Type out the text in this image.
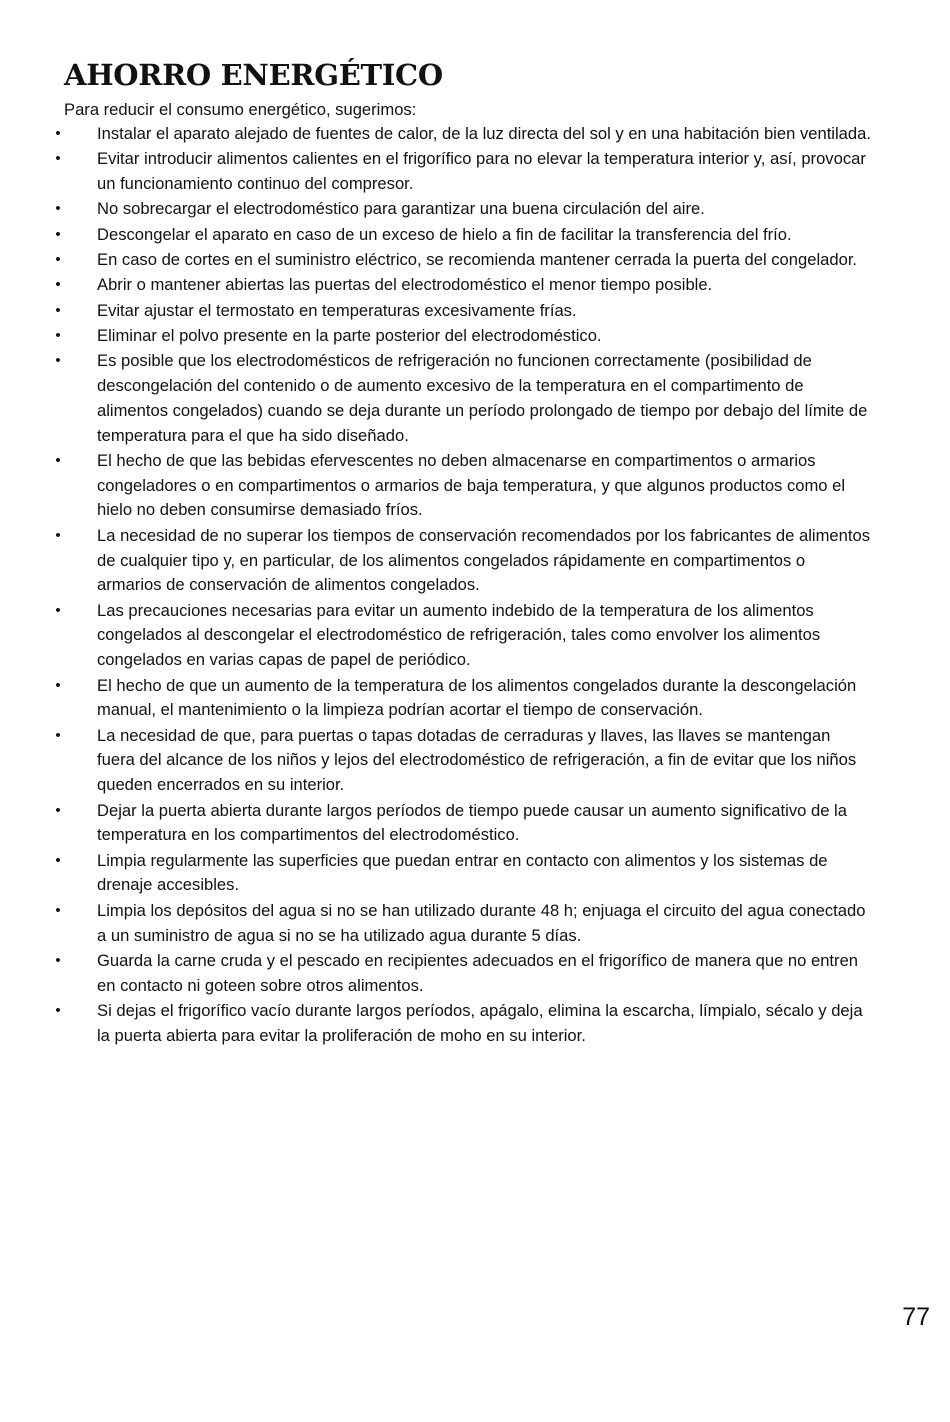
AHORRO ENERGÉTICO
Para reducir el consumo energético, sugerimos:
•	Instalar el aparato alejado de fuentes de calor, de la luz directa del sol y en una habitación bien ventilada.
•	Evitar introducir alimentos calientes en el frigorífico para no elevar la temperatura interior y, así, provocar un funcionamiento continuo del compresor.
•	No sobrecargar el electrodoméstico para garantizar una buena circulación del aire.
•	Descongelar el aparato en caso de un exceso de hielo a fin de facilitar la transferencia del frío.
•	En caso de cortes en el suministro eléctrico, se recomienda mantener cerrada la puerta del congelador.
•	Abrir o mantener abiertas las puertas del electrodoméstico el menor tiempo posible.
•	Evitar ajustar el termostato en temperaturas excesivamente frías.
•	Eliminar el polvo presente en la parte posterior del electrodoméstico.
•	Es posible que los electrodomésticos de refrigeración no funcionen correctamente (posibilidad de descongelación del contenido o de aumento excesivo de la temperatura en el compartimento de alimentos congelados) cuando se deja durante un período prolongado de tiempo por debajo del límite de temperatura para el que ha sido diseñado.
•	El hecho de que las bebidas efervescentes no deben almacenarse en compartimentos o armarios congeladores o en compartimentos o armarios de baja temperatura, y que algunos productos como el hielo no deben consumirse demasiado fríos.
•	La necesidad de no superar los tiempos de conservación recomendados por los fabricantes de alimentos de cualquier tipo y, en particular, de los alimentos congelados rápidamente en compartimentos o armarios de conservación de alimentos congelados.
•	Las precauciones necesarias para evitar un aumento indebido de la temperatura de los alimentos congelados al descongelar el electrodoméstico de refrigeración, tales como envolver los alimentos congelados en varias capas de papel de periódico.
•	El hecho de que un aumento de la temperatura de los alimentos congelados durante la descongelación manual, el mantenimiento o la limpieza podrían acortar el tiempo de conservación.
•	La necesidad de que, para puertas o tapas dotadas de cerraduras y llaves, las llaves se mantengan fuera del alcance de los niños y lejos del electrodoméstico de refrigeración, a fin de evitar que los niños queden encerrados en su interior.
•	Dejar la puerta abierta durante largos períodos de tiempo puede causar un aumento significativo de la temperatura en los compartimentos del electrodoméstico.
•	Limpia regularmente las superficies que puedan entrar en contacto con alimentos y los sistemas de drenaje accesibles.
•	Limpia los depósitos del agua si no se han utilizado durante 48 h; enjuaga el circuito del agua conectado a un suministro de agua si no se ha utilizado agua durante 5 días.
•	Guarda la carne cruda y el pescado en recipientes adecuados en el frigorífico de manera que no entren en contacto ni goteen sobre otros alimentos.
•	Si dejas el frigorífico vacío durante largos períodos, apágalo, elimina la escarcha, límpialo, sécalo y deja la puerta abierta para evitar la proliferación de moho en su interior.
77
